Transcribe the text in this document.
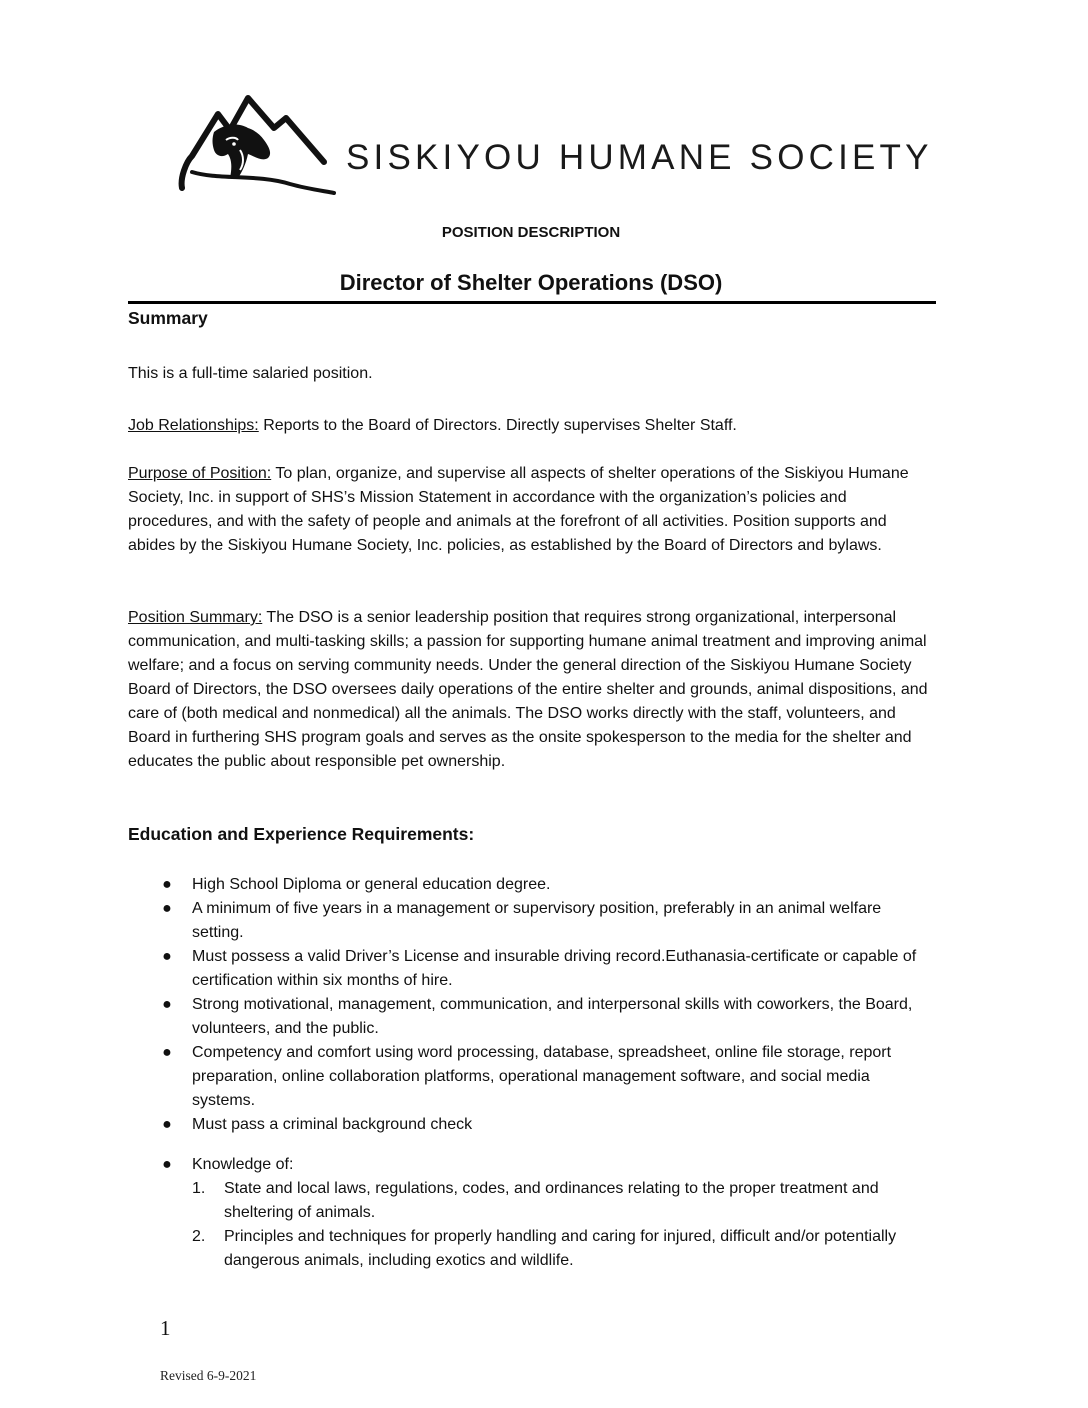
SISKIYOU HUMANE SOCIETY
POSITION DESCRIPTION
Director of Shelter Operations (DSO)
Summary
This is a full-time salaried position.
Job Relationships: Reports to the Board of Directors. Directly supervises Shelter Staff.
Purpose of Position: To plan, organize, and supervise all aspects of shelter operations of the Siskiyou Humane Society, Inc. in support of SHS’s Mission Statement in accordance with the organization’s policies and procedures, and with the safety of people and animals at the forefront of all activities. Position supports and abides by the Siskiyou Humane Society, Inc. policies, as established by the Board of Directors and bylaws.
Position Summary: The DSO is a senior leadership position that requires strong organizational, interpersonal communication, and multi-tasking skills; a passion for supporting humane animal treatment and improving animal welfare; and a focus on serving community needs. Under the general direction of the Siskiyou Humane Society Board of Directors, the DSO oversees daily operations of the entire shelter and grounds, animal dispositions, and care of (both medical and nonmedical) all the animals. The DSO works directly with the staff, volunteers, and Board in furthering SHS program goals and serves as the onsite spokesperson to the media for the shelter and educates the public about responsible pet ownership.
Education and Experience Requirements:
● High School Diploma or general education degree.
● A minimum of five years in a management or supervisory position, preferably in an animal welfare setting.
● Must possess a valid Driver’s License and insurable driving record.Euthanasia-certificate or capable of certification within six months of hire.
● Strong motivational, management, communication, and interpersonal skills with coworkers, the Board, volunteers, and the public.
● Competency and comfort using word processing, database, spreadsheet, online file storage, report preparation, online collaboration platforms, operational management software, and social media systems.
● Must pass a criminal background check
● Knowledge of:
1. State and local laws, regulations, codes, and ordinances relating to the proper treatment and sheltering of animals.
2. Principles and techniques for properly handling and caring for injured, difficult and/or potentially dangerous animals, including exotics and wildlife.
1
Revised 6-9-2021
